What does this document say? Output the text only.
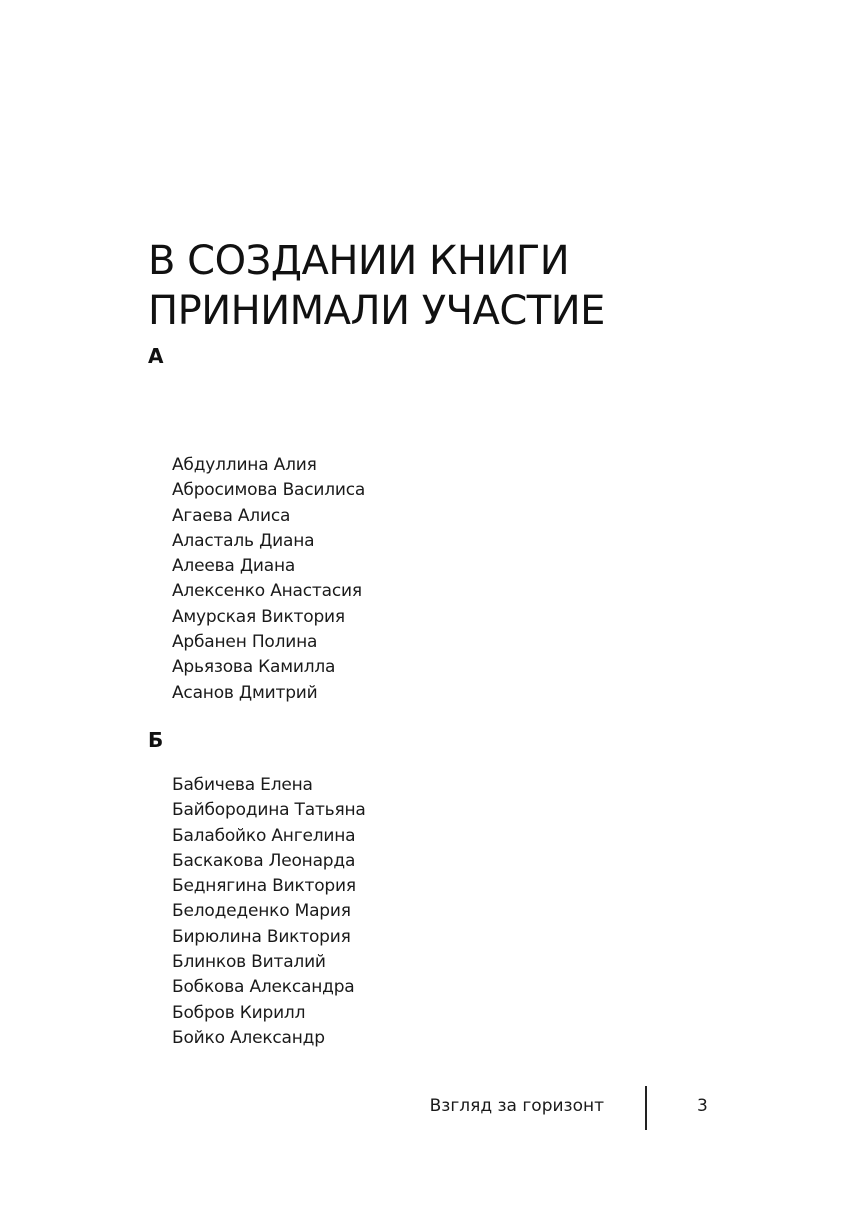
В СОЗДАНИИ КНИГИ
ПРИНИМАЛИ УЧАСТИЕ
А
Абдуллина Алия
Абросимова Василиса
Агаева Алиса
Аласталь Диана
Алеева Диана
Алексенко Анастасия
Амурская Виктория
Арбанен Полина
Арьязова Камилла
Асанов Дмитрий
Б
Бабичева Елена
Байбородина Татьяна
Балабойко Ангелина
Баскакова Леонарда
Беднягина Виктория
Белодеденко Мария
Бирюлина Виктория
Блинков Виталий
Бобкова Александра
Бобров Кирилл
Бойко Александр
Взгляд за горизонт	3
